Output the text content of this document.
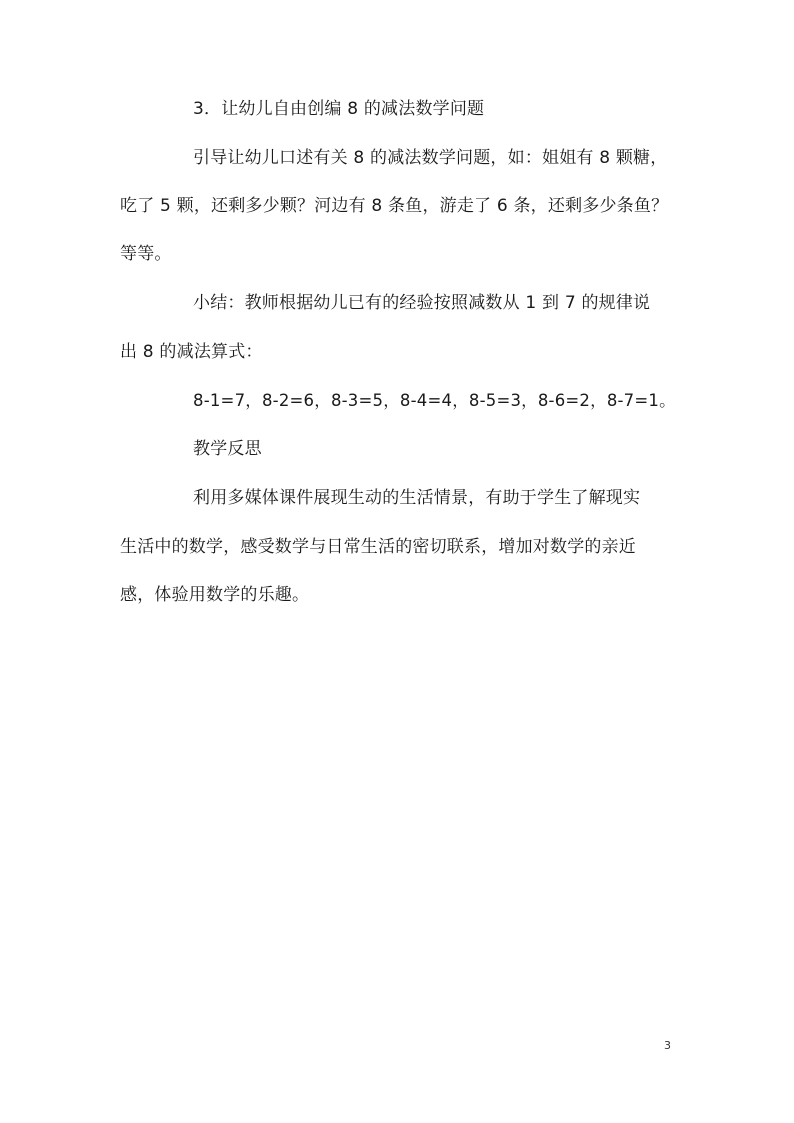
3．让幼儿自由创编 8 的减法数学问题
引导让幼儿口述有关 8 的减法数学问题，如：姐姐有 8 颗糖，
吃了 5 颗，还剩多少颗？河边有 8 条鱼，游走了 6 条，还剩多少条鱼？
等等。
小结：教师根据幼儿已有的经验按照减数从 1 到 7 的规律说
出 8 的减法算式：
8-1=7，8-2=6，8-3=5，8-4=4，8-5=3，8-6=2，8-7=1。
教学反思
利用多媒体课件展现生动的生活情景，有助于学生了解现实
生活中的数学，感受数学与日常生活的密切联系，增加对数学的亲近
感，体验用数学的乐趣。
3
